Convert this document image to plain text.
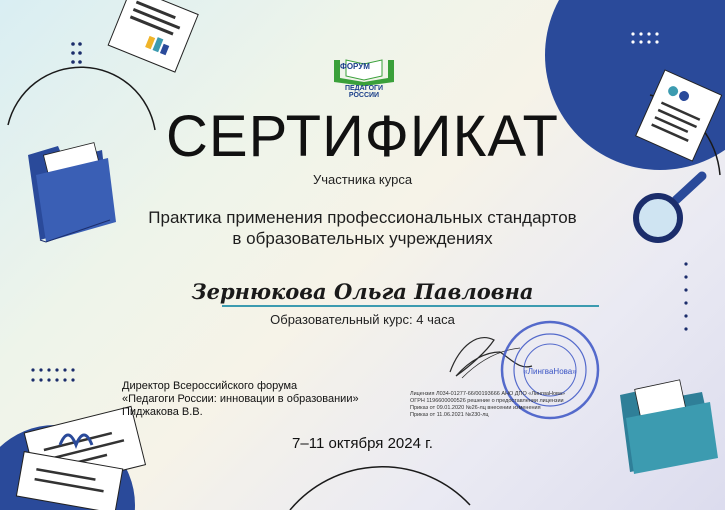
ФОРУМ
ПЕДАГОГИ РОССИИ
«ЛингваНова»
СЕРТИФИКАТ
Участника курса
Практика применения профессиональных стандартов
в образовательных учреждениях
Зернюкова Ольга Павловна
Образовательный курс: 4 часа
Директор Всероссийского форума
«Педагоги России: инновации в образовании»
Пиджакова В.В.
Лицензия Л034-01277-66/00193666 АНО ДПО «ЛингваНова»
ОГРН 1196600000526 решение о предоставлении лицензии
Приказ от 09.01.2020 №26-лц внесении изменения
Приказ от 11.06.2021 №230-лц
7–11 октября 2024 г.
